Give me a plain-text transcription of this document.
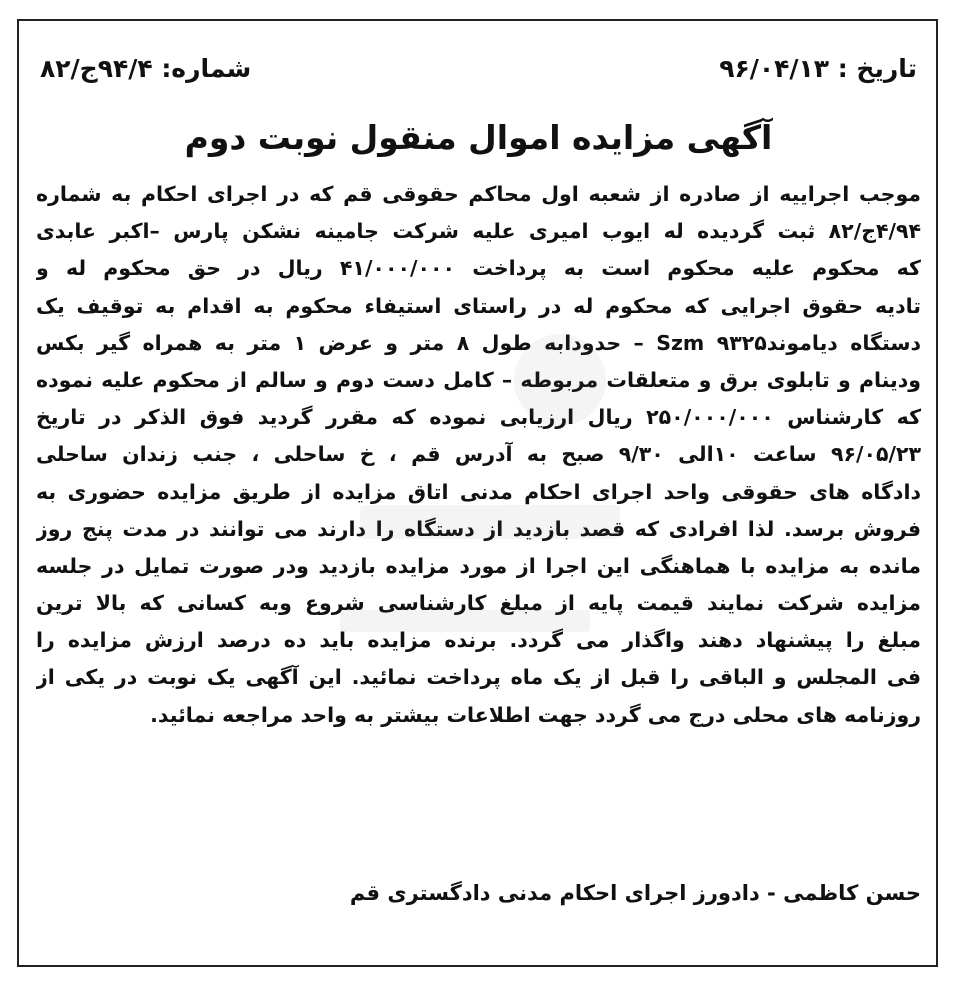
تاریخ : ۹۶/۰۴/۱۳
شماره: ۹۴/۴ج/۸۲
آگهی مزایده اموال منقول نوبت دوم
موجب اجراییه از صادره از شعبه اول محاکم حقوقی قم که در اجرای احکام به شماره
۴/۹۴ج/۸۲ ثبت گردیده له ایوب امیری علیه شرکت جامینه نشکن پارس –اکبر عابدی
که محکوم علیه محکوم است به پرداخت ۴۱/۰۰۰/۰۰۰ ریال در حق محکوم له و
تادیه حقوق اجرایی که محکوم له در راستای استیفاء محکوم به اقدام به توقیف یک
دستگاه دیاموند۹۳۲۵ Szm – حدودابه طول ۸ متر و عرض ۱ متر به همراه گیر بکس
ودینام و تابلوی برق و متعلقات مربوطه – کامل دست دوم و سالم از محکوم علیه نموده
که کارشناس ۲۵۰/۰۰۰/۰۰۰ ریال ارزیابی نموده که مقرر گردید فوق الذکر در تاریخ
۹۶/۰۵/۲۳ ساعت ۱۰الی ۹/۳۰ صبح به آدرس قم ، خ ساحلی ، جنب زندان ساحلی
دادگاه های حقوقی واحد اجرای احکام مدنی اتاق مزایده از طریق مزایده حضوری به
فروش برسد. لذا افرادی که قصد بازدید از دستگاه را دارند می توانند در مدت پنج روز
مانده به مزایده با هماهنگی این اجرا از مورد مزایده بازدید ودر صورت تمایل در جلسه
مزایده شرکت نمایند قیمت پایه از مبلغ کارشناسی شروع وبه کسانی که بالا ترین
مبلغ را پیشنهاد دهند واگذار می گردد. برنده مزایده باید ده درصد ارزش مزایده را
فی المجلس و الباقی را قبل از یک ماه پرداخت نمائید. این آگهی یک نوبت در یکی از
روزنامه های محلی درج می گردد جهت اطلاعات بیشتر به واحد مراجعه نمائید.
حسن کاظمی - دادورز اجرای احکام مدنی دادگستری قم
